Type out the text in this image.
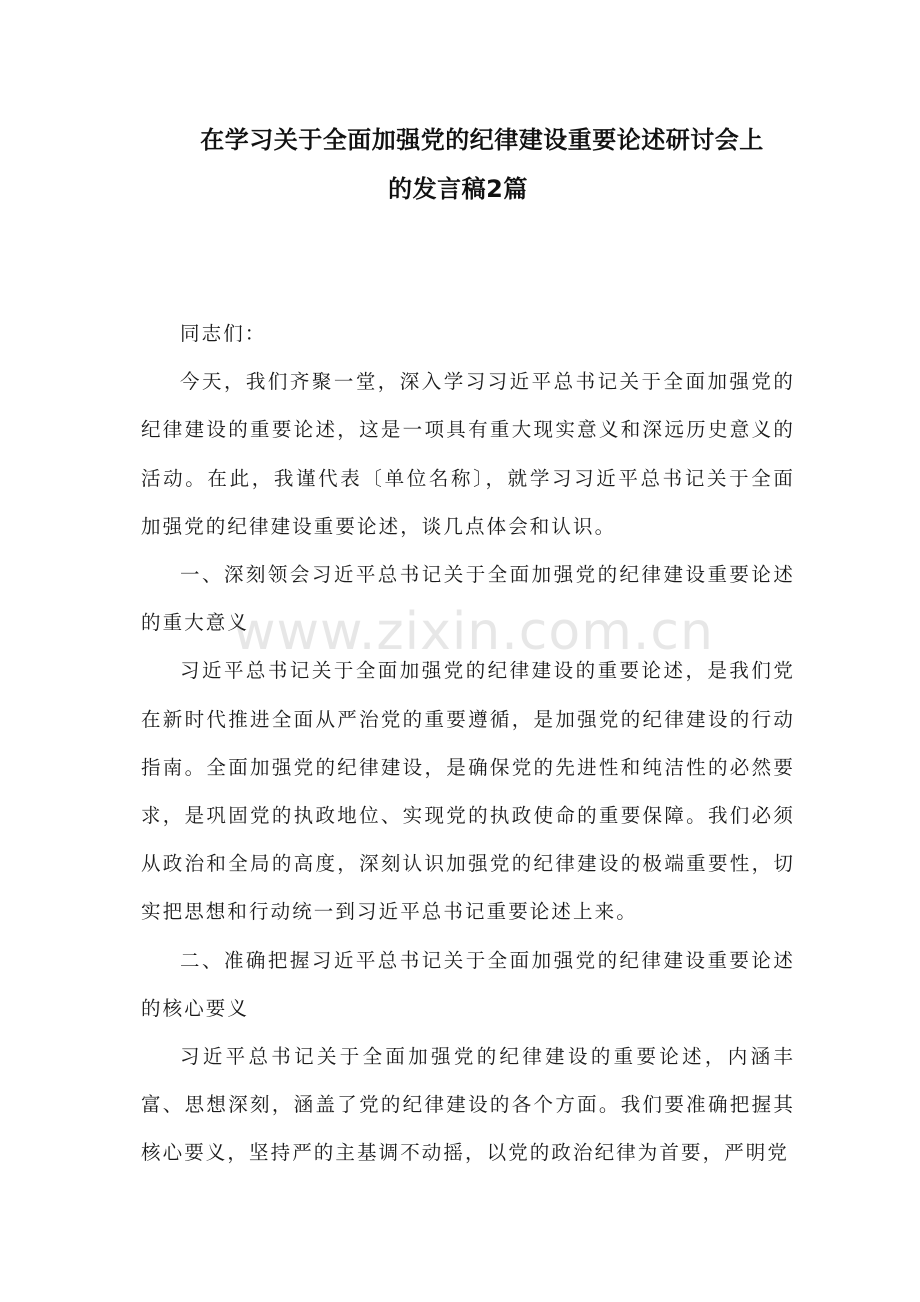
在学习关于全面加强党的纪律建设重要论述研讨会上
的发言稿2篇

同志们：

今天，我们齐聚一堂，深入学习习近平总书记关于全面加强党的纪律建设的重要论述，这是一项具有重大现实意义和深远历史意义的活动。在此，我谨代表〔单位名称〕，就学习习近平总书记关于全面加强党的纪律建设重要论述，谈几点体会和认识。

一、深刻领会习近平总书记关于全面加强党的纪律建设重要论述的重大意义

习近平总书记关于全面加强党的纪律建设的重要论述，是我们党在新时代推进全面从严治党的重要遵循，是加强党的纪律建设的行动指南。全面加强党的纪律建设，是确保党的先进性和纯洁性的必然要求，是巩固党的执政地位、实现党的执政使命的重要保障。我们必须从政治和全局的高度，深刻认识加强党的纪律建设的极端重要性，切实把思想和行动统一到习近平总书记重要论述上来。

二、准确把握习近平总书记关于全面加强党的纪律建设重要论述的核心要义

习近平总书记关于全面加强党的纪律建设的重要论述，内涵丰富、思想深刻，涵盖了党的纪律建设的各个方面。我们要准确把握其核心要义，坚持严的主基调不动摇，以党的政治纪律为首要，严明党

www.zixin.com.cn
